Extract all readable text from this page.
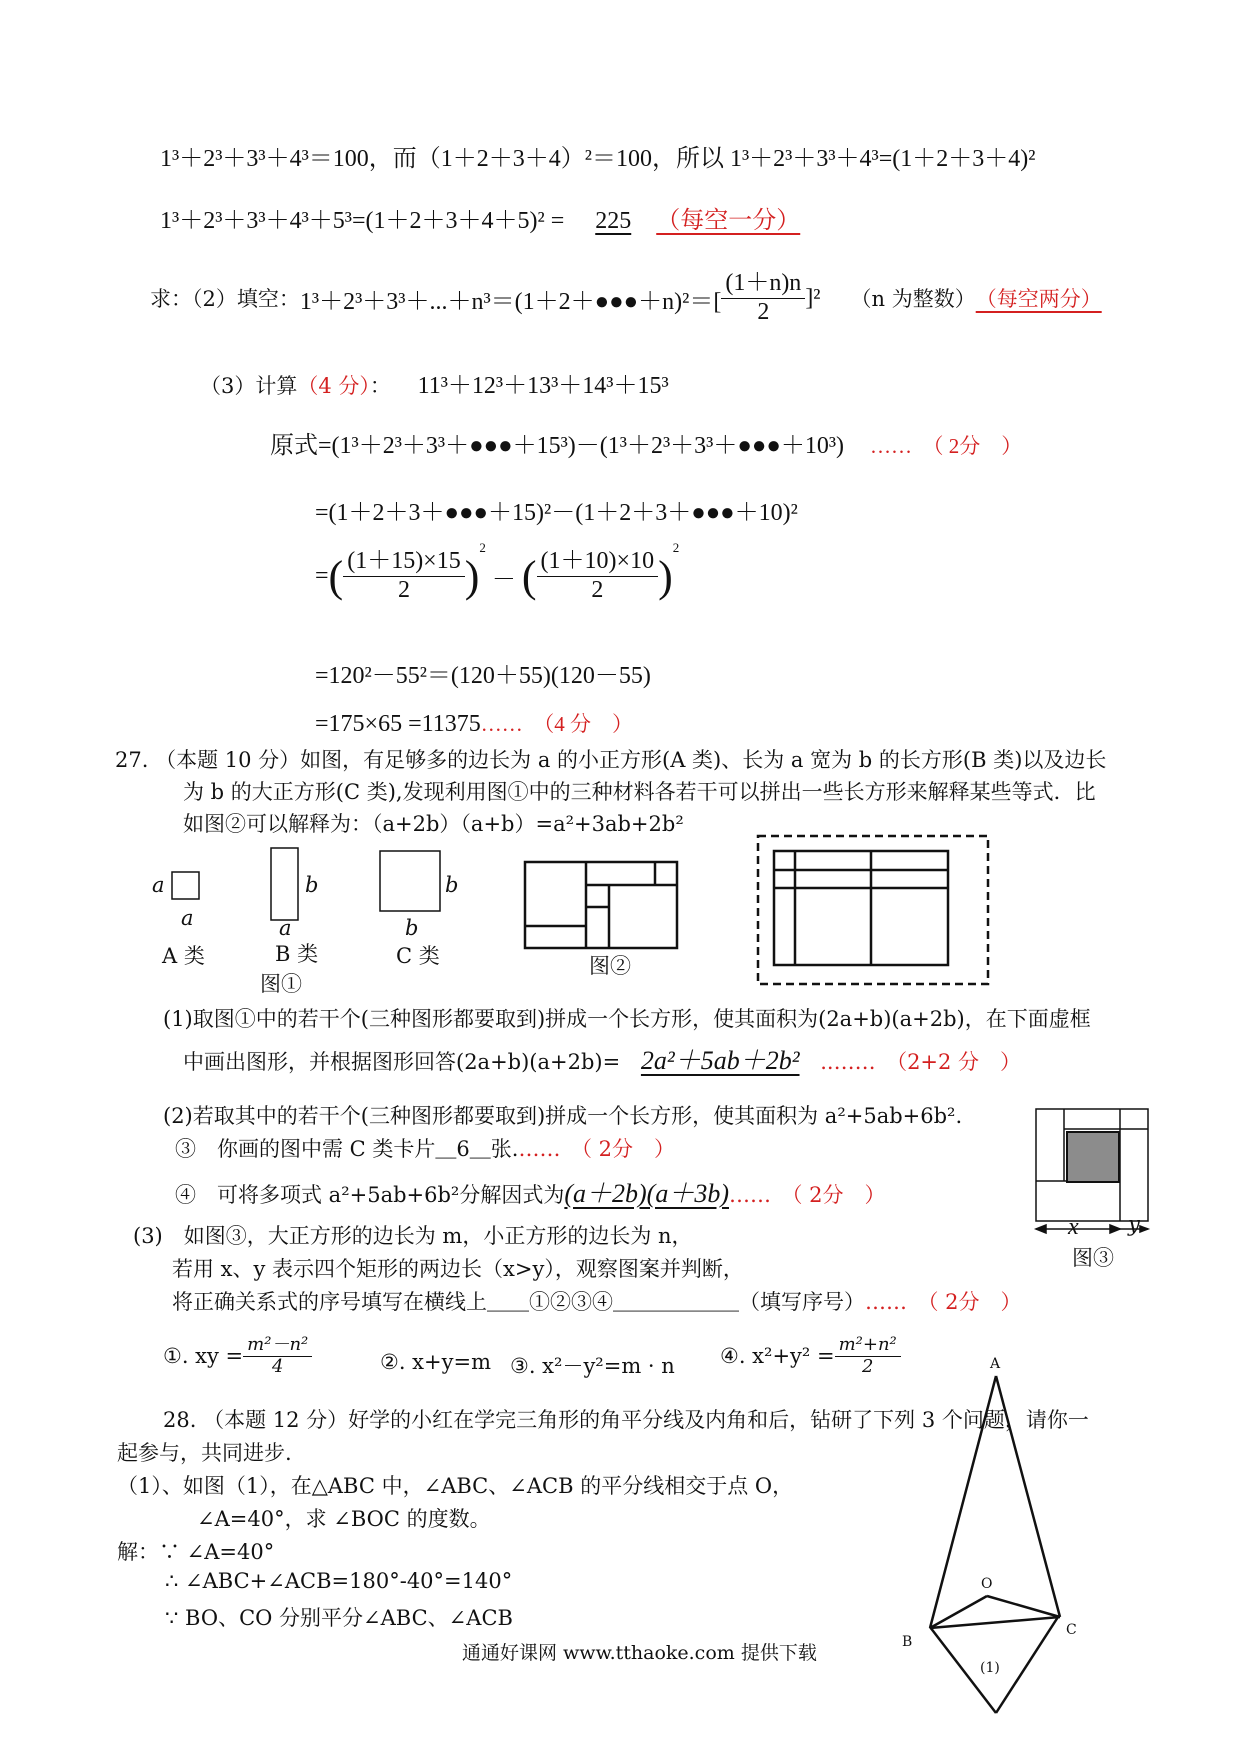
1³＋2³＋3³＋4³＝100，而（1＋2＋3＋4）²＝100，所以 1³＋2³＋3³＋4³=(1＋2＋3＋4)²
1³＋2³＋3³＋4³＋5³=(1＋2＋3＋4＋5)² = 225 （每空一分）
求：（2）填空： 1³＋2³＋3³＋...＋n³＝(1＋2＋●●●＋n)²＝[ $\frac{(1+n)n}{2} ]^2$ （n 为整数） （每空两分）
（3）计算（4 分）： 11³＋12³＋13³＋14³＋15³
原式=(1³＋2³＋3³＋●●●＋15³)－(1³＋2³＋3³＋●●●＋10³) ……　（ 2分　）
=(1＋2＋3＋●●●＋15)²－(1＋2＋3＋●●●＋10)²
= ( $\frac{(1+15)\times 15}{2}$ )
2
－ ( $\frac{(1+10)\times 10}{2}$ )
2
=120²－55²＝(120＋55)(120－55)
=175×65 =11375……　（4 分　）
27. （本题 10 分）如图，有足够多的边长为 a 的小正方形(A 类)、长为 a 宽为 b 的长方形(B 类)以及边长
为 b 的大正方形(C 类),发现利用图①中的三种材料各若干可以拼出一些长方形来解释某些等式．比
如图②可以解释为：（a+2b）（a+b）=a²+3ab+2b²
a
a
A 类
b
a
B 类
b
b
C 类
图①
图②
(1)取图①中的若干个(三种图形都要取到)拼成一个长方形，使其面积为(2a+b)(a+2b)，在下面虚框
中画出图形，并根据图形回答(2a+b)(a+2b)= 2a²＋5ab＋2b² ..……　（2+2 分　）
(2)若取其中的若干个(三种图形都要取到)拼成一个长方形，使其面积为 a²+5ab+6b².
③　你画的图中需 C 类卡片＿6＿张.……　（ 2分　）
④　可将多项式 a²+5ab+6b²分解因式为(a＋2b)(a＋3b)……　（ 2分　）
x y
图③
(3)　如图③，大正方形的边长为 m，小正方形的边长为 n，
若用 x、y 表示四个矩形的两边长（x>y），观察图案并判断，
将正确关系式的序号填写在横线上＿＿①②③④＿＿＿＿＿＿（填写序号）……　（ 2分　）
①. xy = $\frac{\text{m²－n²}}{4}$	②. x+y=m ③. x²－y²=m · n ④. $x^2+y^2 = \frac{\text{m²+n²}}{2}$
28. （本题 12 分）好学的小红在学完三角形的角平分线及内角和后，钻研了下列 3 个问题，请你一
起参与，共同进步.
（1）、如图（1），在△ABC 中，∠ABC、∠ACB 的平分线相交于点 O，
∠A=40°，求 ∠BOC 的度数。
解：∵ ∠A=40°
∴ ∠ABC+∠ACB=180°-40°=140°
∵ BO、CO 分别平分∠ABC、∠ACB
A
O
B
C
(1)
通通好课网 www.tthaoke.com 提供下载
